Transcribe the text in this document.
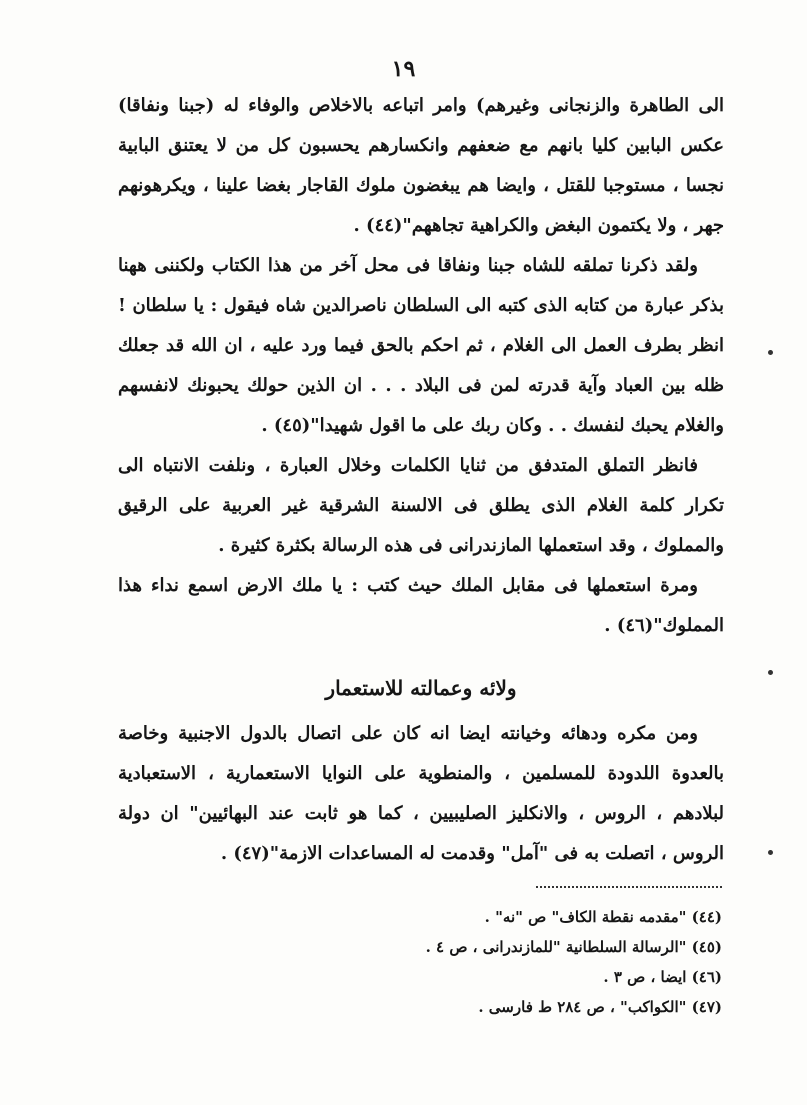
١٩

الى الطاهرة والزنجانى وغيرهم) وامر اتباعه بالاخلاص والوفاء له (جبنا ونفاقا) عكس البابين كليا بانهم مع ضعفهم وانكسارهم يحسبون كل من لا يعتنق البابية نجسا ، مستوجبا للقتل ، وايضا هم يبغضون ملوك القاجار بغضا علينا ، ويكرهونهم جهر ، ولا يكتمون البغض والكراهية تجاههم"(٤٤) .

ولقد ذكرنا تملقه للشاه جبنا ونفاقا فى محل آخر من هذا الكتاب ولكننى ههنا بذكر عبارة من كتابه الذى كتبه الى السلطان ناصرالدين شاه فيقول : يا سلطان ! انظر بطرف العمل الى الغلام ، ثم احكم بالحق فيما ورد عليه ، ان الله قد جعلك ظله بين العباد وآية قدرته لمن فى البلاد . . . ان الذين حولك يحبونك لانفسهم والغلام يحبك لنفسك . . وكان ربك على ما اقول شهيدا"(٤٥) .

فانظر التملق المتدفق من ثنايا الكلمات وخلال العبارة ، ونلفت الانتباه الى تكرار كلمة الغلام الذى يطلق فى الالسنة الشرقية غير العربية على الرقيق والمملوك ، وقد استعملها المازندرانى فى هذه الرسالة بكثرة كثيرة .

ومرة استعملها فى مقابل الملك حيث كتب : يا ملك الارض اسمع نداء هذا المملوك"(٤٦) .

ولائه وعمالته للاستعمار

ومن مكره ودهائه وخيانته ايضا انه كان على اتصال بالدول الاجنبية وخاصة بالعدوة اللدودة للمسلمين ، والمنطوية على النوايا الاستعمارية ، الاستعبادية لبلادهم ، الروس ، والانكليز الصليبيين ، كما هو ثابت عند البهائيين" ان دولة الروس ، اتصلت به فى "آمل" وقدمت له المساعدات الازمة"(٤٧) .

(٤٤) "مقدمه نقطة الكاف" ص "نه" .
(٤٥) "الرسالة السلطانية "للمازندرانى ، ص ٤ .
(٤٦) ايضا ، ص ٣ .
(٤٧) "الكواكب" ، ص ٢٨٤ ط فارسى .
